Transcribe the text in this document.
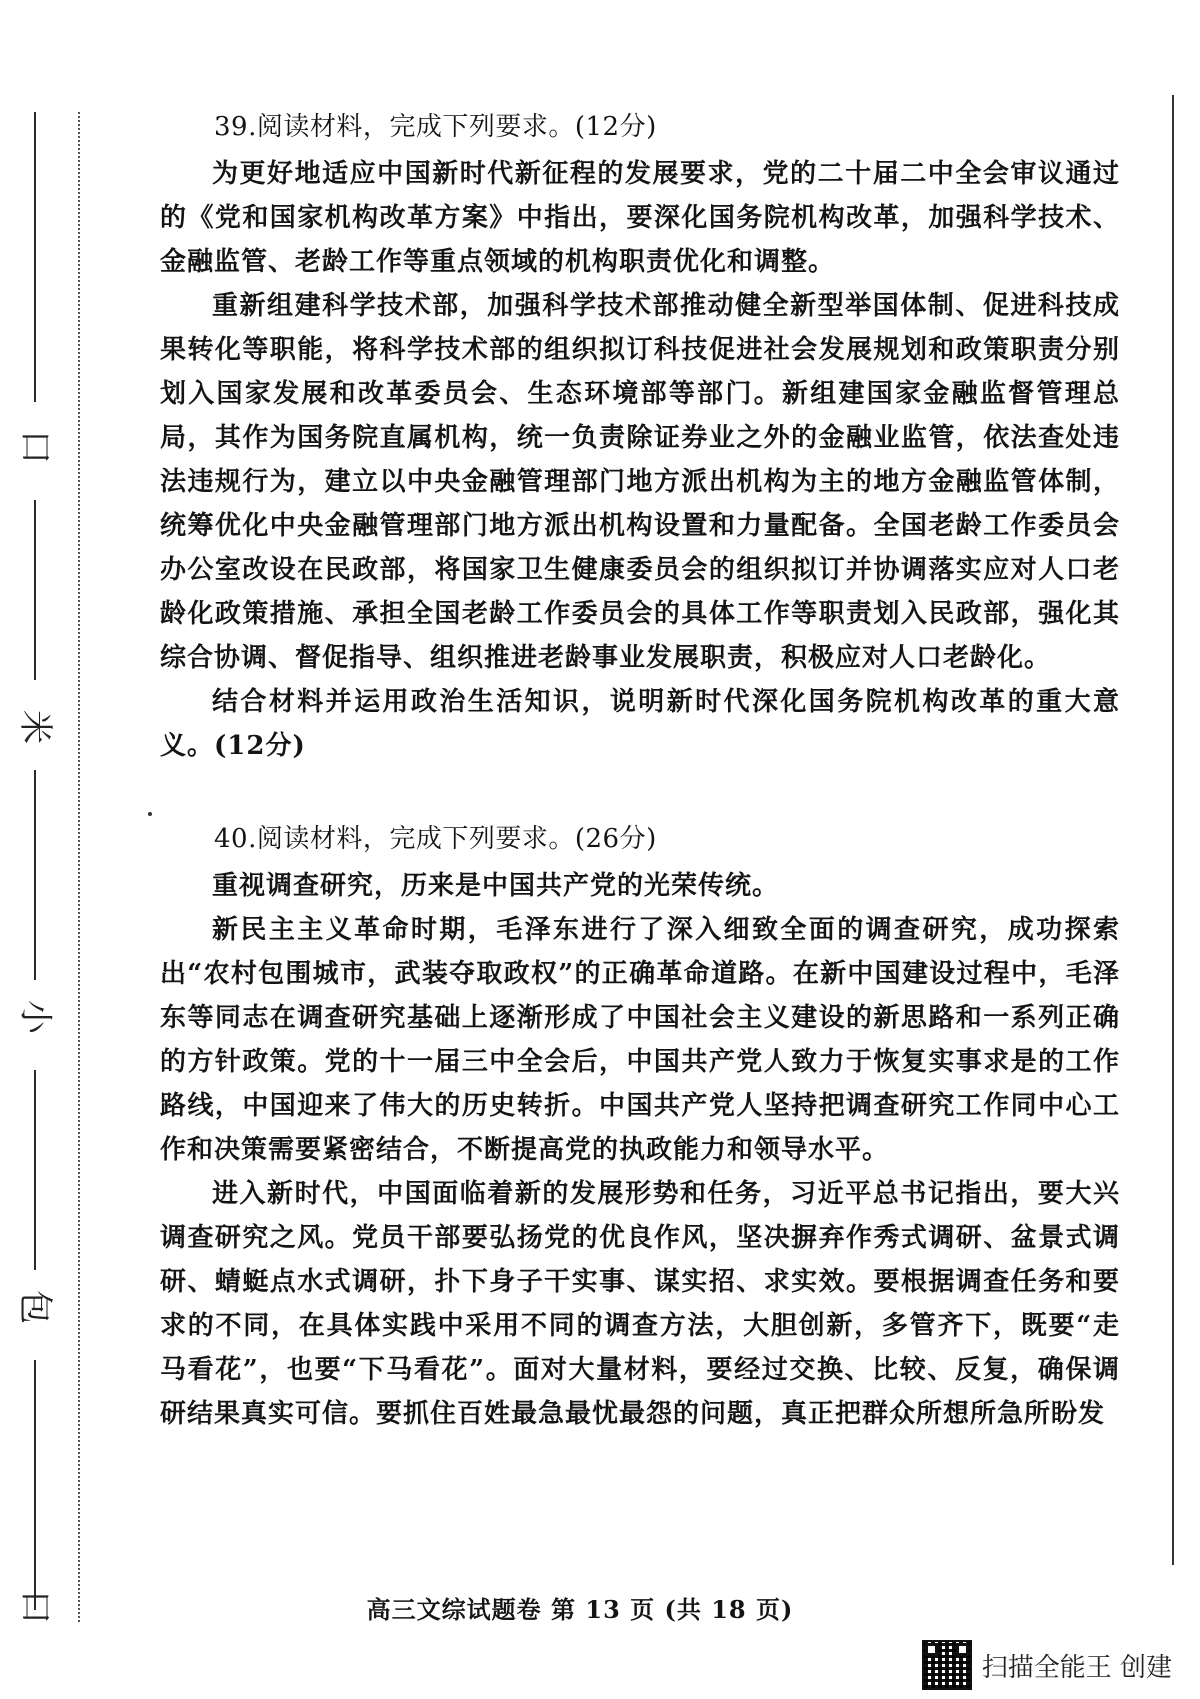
口
米
小
包
口
39.阅读材料，完成下列要求。(12分)

为更好地适应中国新时代新征程的发展要求，党的二十届二中全会审议通过的《党和国家机构改革方案》中指出，要深化国务院机构改革，加强科学技术、金融监管、老龄工作等重点领域的机构职责优化和调整。

重新组建科学技术部，加强科学技术部推动健全新型举国体制、促进科技成果转化等职能，将科学技术部的组织拟订科技促进社会发展规划和政策职责分别划入国家发展和改革委员会、生态环境部等部门。新组建国家金融监督管理总局，其作为国务院直属机构，统一负责除证券业之外的金融业监管，依法查处违法违规行为，建立以中央金融管理部门地方派出机构为主的地方金融监管体制，统筹优化中央金融管理部门地方派出机构设置和力量配备。全国老龄工作委员会办公室改设在民政部，将国家卫生健康委员会的组织拟订并协调落实应对人口老龄化政策措施、承担全国老龄工作委员会的具体工作等职责划入民政部，强化其综合协调、督促指导、组织推进老龄事业发展职责，积极应对人口老龄化。

结合材料并运用政治生活知识，说明新时代深化国务院机构改革的重大意义。(12分)

40.阅读材料，完成下列要求。(26分)

重视调查研究，历来是中国共产党的光荣传统。

新民主主义革命时期，毛泽东进行了深入细致全面的调查研究，成功探索出“农村包围城市，武装夺取政权”的正确革命道路。在新中国建设过程中，毛泽东等同志在调查研究基础上逐渐形成了中国社会主义建设的新思路和一系列正确的方针政策。党的十一届三中全会后，中国共产党人致力于恢复实事求是的工作路线，中国迎来了伟大的历史转折。中国共产党人坚持把调查研究工作同中心工作和决策需要紧密结合，不断提高党的执政能力和领导水平。

进入新时代，中国面临着新的发展形势和任务，习近平总书记指出，要大兴调查研究之风。党员干部要弘扬党的优良作风，坚决摒弃作秀式调研、盆景式调研、蜻蜓点水式调研，扑下身子干实事、谋实招、求实效。要根据调查任务和要求的不同，在具体实践中采用不同的调查方法，大胆创新，多管齐下，既要“走马看花”，也要“下马看花”。面对大量材料，要经过交换、比较、反复，确保调研结果真实可信。要抓住百姓最急最忧最怨的问题，真正把群众所想所急所盼发

高三文综试题卷 第 13 页 (共 18 页)
扫描全能王 创建
